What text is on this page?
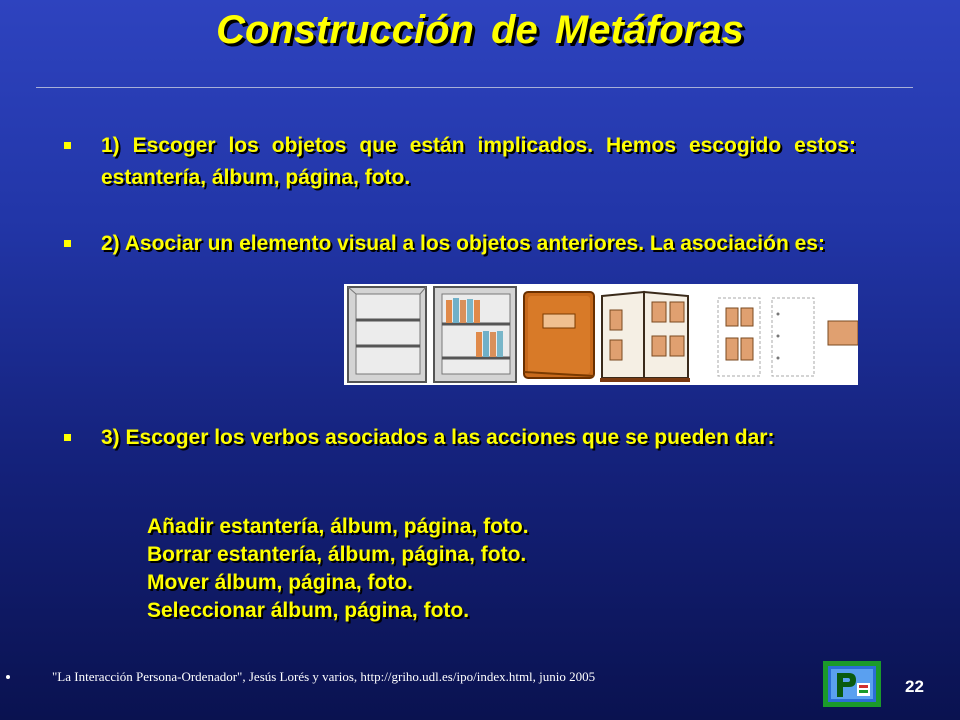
Construcción de Metáforas
1) Escoger los objetos que están implicados. Hemos escogido estos: estantería, álbum, página, foto.
2) Asociar un elemento visual a los objetos anteriores. La asociación es:
3) Escoger los verbos asociados a las acciones que se pueden dar:
Añadir estantería, álbum, página, foto.
Borrar estantería, álbum, página, foto.
Mover álbum, página, foto.
Seleccionar álbum, página, foto.
"La Interacción Persona-Ordenador", Jesús Lorés y varios, http://griho.udl.es/ipo/index.html, junio 2005
22
